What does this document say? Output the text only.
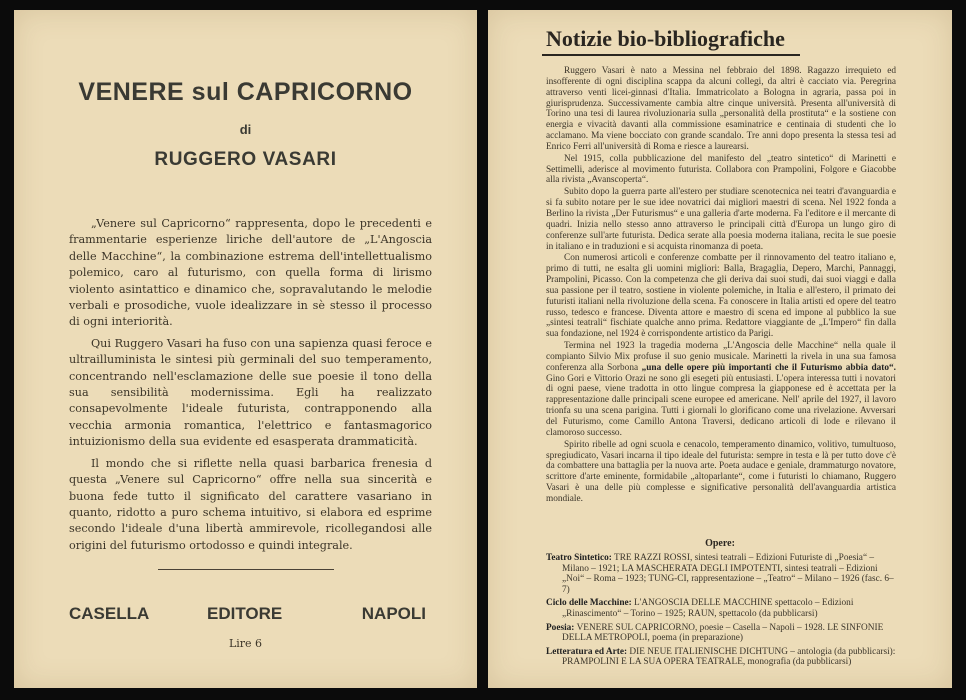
VENERE sul CAPRICORNO
di
RUGGERO VASARI

„Venere sul Capricorno“ rappresenta, dopo le precedenti e frammentarie esperienze liriche dell'autore de „L'Angoscia delle Macchine“, la combinazione estrema dell'intellettualismo polemico, caro al futurismo, con quella forma di lirismo violento asintattico e dinamico che, sopravalutando le melodie verbali e prosodiche, vuole idealizzare in sè stesso il processo di ogni interiorità.

Qui Ruggero Vasari ha fuso con una sapienza quasi feroce e ultrailluminista le sintesi più germinali del suo temperamento, concentrando nell'esclamazione delle sue poesie il tono della sua sensibilità modernissima. Egli ha realizzato consapevolmente l'ideale futurista, contrapponendo alla vecchia armonia romantica, l'elettrico e fantasmagorico intuizionismo della sua evidente ed esasperata drammaticità.

Il mondo che si riflette nella quasi barbarica frenesia d questa „Venere sul Capricorno“ offre nella sua sincerità e buona fede tutto il significato del carattere vasariano in quanto, ridotto a puro schema intuitivo, si elabora ed esprime secondo l'ideale d'una libertà ammirevole, ricollegandosi alle origini del futurismo ortodosso e quindi integrale.

CASELLA	EDITORE	NAPOLI
Lire 6
Notizie bio-bibliografiche

Ruggero Vasari è nato a Messina nel febbraio del 1898. Ragazzo irrequieto ed insofferente di ogni disciplina scappa da alcuni collegi, da altri è cacciato via. Peregrina attraverso venti licei-ginnasi d'Italia. Immatricolato a Bologna in agraria, passa poi in giurisprudenza. Successivamente cambia altre cinque università. Presenta all'università di Torino una tesi di laurea rivoluzionaria sulla „personalità della prostituta“ e la sostiene con energia e vivacità davanti alla commissione esaminatrice e centinaia di studenti che lo acclamano. Ma viene bocciato con grande scandalo. Tre anni dopo presenta la stessa tesi ad Enrico Ferri all'università di Roma e riesce a laurearsi.

Nel 1915, colla pubblicazione del manifesto del „teatro sintetico“ di Marinetti e Settimelli, aderisce al movimento futurista. Collabora con Prampolini, Folgore e Giacobbe alla rivista „Avanscoperta“.

Subito dopo la guerra parte all'estero per studiare scenotecnica nei teatri d'avanguardia e si fa subito notare per le sue idee novatrici dai migliori maestri di scena. Nel 1922 fonda a Berlino la rivista „Der Futurismus“ e una galleria d'arte moderna. Fa l'editore e il mercante di quadri. Inizia nello stesso anno attraverso le principali città d'Europa un lungo giro di conferenze sull'arte futurista. Dedica serate alla poesia moderna italiana, recita le sue poesie in italiano e in traduzioni e si acquista rinomanza di poeta.

Con numerosi articoli e conferenze combatte per il rinnovamento del teatro italiano e, primo di tutti, ne esalta gli uomini migliori: Balla, Bragaglia, Depero, Marchi, Pannaggi, Prampolini, Picasso. Con la competenza che gli deriva dai suoi studi, dai suoi viaggi e dalla sua passione per il teatro, sostiene in violente polemiche, in Italia e all'estero, il primato dei futuristi italiani nella rivoluzione della scena. Fa conoscere in Italia artisti ed opere del teatro russo, tedesco e francese. Diventa attore e maestro di scena ed impone al pubblico la sue „sintesi teatrali“ fischiate qualche anno prima. Redattore viaggiante de „L'Impero“ fin dalla sua fondazione, nel 1924 è corrispondente artistico da Parigi.

Termina nel 1923 la tragedia moderna „L'Angoscia delle Macchine“ nella quale il compianto Silvio Mix profuse il suo genio musicale. Marinetti la rivela in una sua famosa conferenza alla Sorbona „una delle opere più importanti che il Futurismo abbia dato“. Gino Gori e Vittorio Orazi ne sono gli esegeti più entusiasti. L'opera interessa tutti i novatori di ogni paese, viene tradotta in otto lingue compresa la giapponese ed è accettata per la rappresentazione dalle principali scene europee ed americane. Nell' aprile del 1927, il lavoro trionfa su una scena parigina. Tutti i giornali lo glorificano come una rivelazione. Avversari del Futurismo, come Camillo Antona Traversi, dedicano articoli di lode e rilevano il clamoroso successo.

Spirito ribelle ad ogni scuola e cenacolo, temperamento dinamico, volitivo, tumultuoso, spregiudicato, Vasari incarna il tipo ideale del futurista: sempre in testa e là per tutto dove c'è da combattere una battaglia per la nuova arte. Poeta audace e geniale, drammaturgo novatore, scrittore d'arte eminente, formidabile „altoparlante“, come i futuristi lo chiamano, Ruggero Vasari è una delle più complesse e significative personalità dell'avanguardia artistica mondiale.

Opere:
Teatro Sintetico: TRE RAZZI ROSSI, sintesi teatrali – Edizioni Futuriste di „Poesia“ – Milano – 1921; LA MASCHERATA DEGLI IMPOTENTI, sintesi teatrali – Edizioni „Noi“ – Roma – 1923; TUNG-CI, rappresentazione – „Teatro“ – Milano – 1926 (fasc. 6–7)
Ciclo delle Macchine: L'ANGOSCIA DELLE MACCHINE spettacolo – Edizioni „Rinascimento“ – Torino – 1925; RAUN, spettacolo (da pubblicarsi)
Poesia: VENERE SUL CAPRICORNO, poesie – Casella – Napoli – 1928. LE SINFONIE DELLA METROPOLI, poema (in preparazione)
Letteratura ed Arte: DIE NEUE ITALIENISCHE DICHTUNG – antologia (da pubblicarsi): PRAMPOLINI E LA SUA OPERA TEATRALE, monografia (da pubblicarsi)
